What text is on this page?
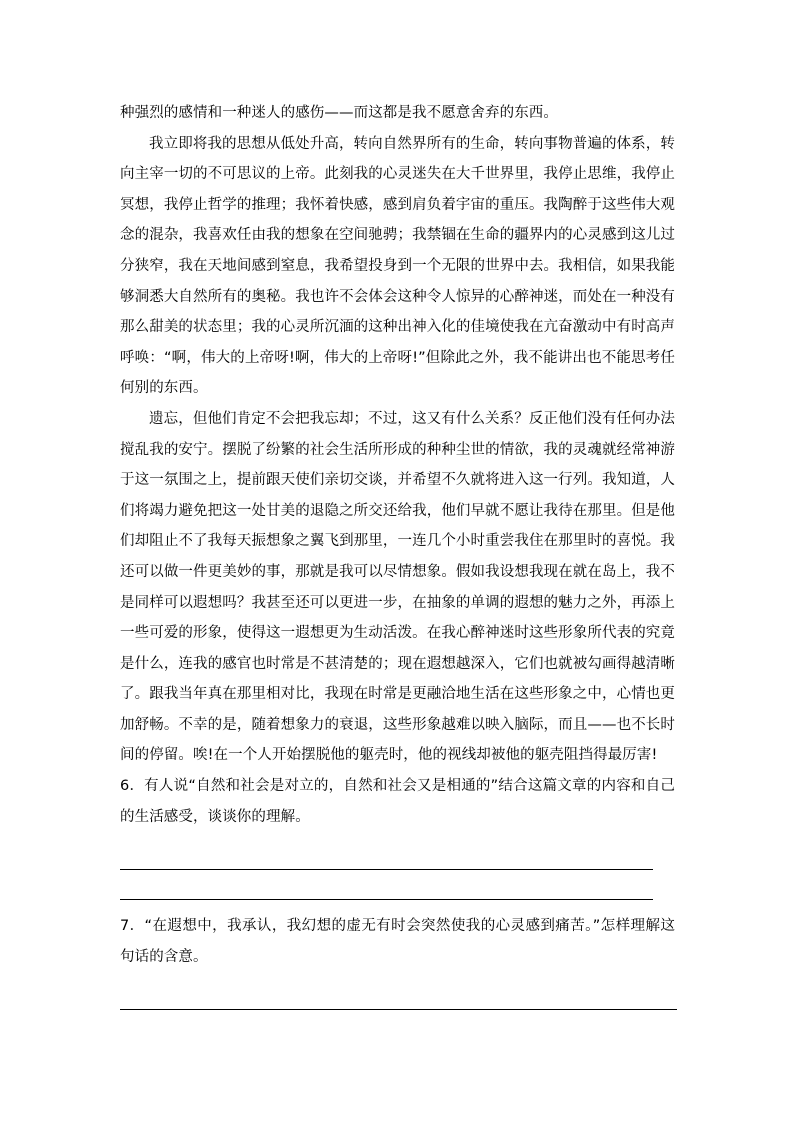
种强烈的感情和一种迷人的感伤——而这都是我不愿意舍弃的东西。

我立即将我的思想从低处升高，转向自然界所有的生命，转向事物普遍的体系，转向主宰一切的不可思议的上帝。此刻我的心灵迷失在大千世界里，我停止思维，我停止冥想，我停止哲学的推理；我怀着快感，感到肩负着宇宙的重压。我陶醉于这些伟大观念的混杂，我喜欢任由我的想象在空间驰骋；我禁锢在生命的疆界内的心灵感到这儿过分狭窄，我在天地间感到窒息，我希望投身到一个无限的世界中去。我相信，如果我能够洞悉大自然所有的奥秘。我也许不会体会这种令人惊异的心醉神迷，而处在一种没有那么甜美的状态里；我的心灵所沉湎的这种出神入化的佳境使我在亢奋激动中有时高声呼唤：“啊，伟大的上帝呀!啊，伟大的上帝呀!”但除此之外，我不能讲出也不能思考任何别的东西。

遗忘，但他们肯定不会把我忘却；不过，这又有什么关系？反正他们没有任何办法搅乱我的安宁。摆脱了纷繁的社会生活所形成的种种尘世的情欲，我的灵魂就经常神游于这一氛围之上，提前跟天使们亲切交谈，并希望不久就将进入这一行列。我知道，人们将竭力避免把这一处甘美的退隐之所交还给我，他们早就不愿让我待在那里。但是他们却阻止不了我每天振想象之翼飞到那里，一连几个小时重尝我住在那里时的喜悦。我还可以做一件更美妙的事，那就是我可以尽情想象。假如我设想我现在就在岛上，我不是同样可以遐想吗？我甚至还可以更进一步，在抽象的单调的遐想的魅力之外，再添上一些可爱的形象，使得这一遐想更为生动活泼。在我心醉神迷时这些形象所代表的究竟是什么，连我的感官也时常是不甚清楚的；现在遐想越深入，它们也就被勾画得越清晰了。跟我当年真在那里相对比，我现在时常是更融洽地生活在这些形象之中，心情也更加舒畅。不幸的是，随着想象力的衰退，这些形象越难以映入脑际，而且——也不长时间的停留。唉!在一个人开始摆脱他的躯壳时，他的视线却被他的躯壳阻挡得最厉害!

6．有人说“自然和社会是对立的，自然和社会又是相通的”结合这篇文章的内容和自己的生活感受，谈谈你的理解。

7．“在遐想中，我承认，我幻想的虚无有时会突然使我的心灵感到痛苦。”怎样理解这句话的含意。
